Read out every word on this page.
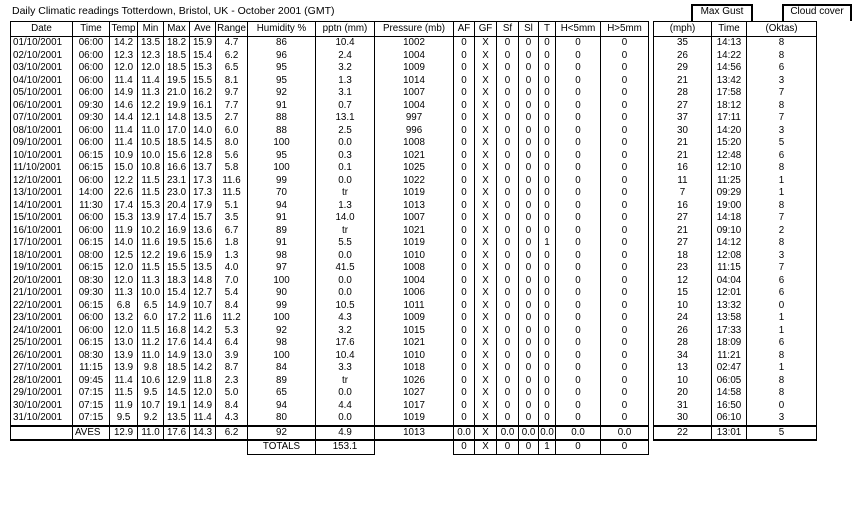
Daily Climatic readings Totterdown, Bristol, UK - October 2001 (GMT)	Max Gust	Cloud cover
Date	Time	Temp	Min	Max	Ave	Range	Humidity %	pptn (mm)	Pressure (mb)	AF	GF	Sf	Sl	T	H<5mm	H>5mm		(mph)	Time	(Oktas)
01/10/2001	06:00	14.2	13.5	18.2	15.9	4.7	86	10.4	1002	0	X	0	0	0	0	0		35	14:13	8
02/10/2001	06:00	12.3	12.3	18.5	15.4	6.2	96	2.4	1004	0	X	0	0	0	0	0		26	14:22	8
03/10/2001	06:00	12.0	12.0	18.5	15.3	6.5	95	3.2	1009	0	X	0	0	0	0	0		29	14:56	6
04/10/2001	06:00	11.4	11.4	19.5	15.5	8.1	95	1.3	1014	0	X	0	0	0	0	0		21	13:42	3
05/10/2001	06:00	14.9	11.3	21.0	16.2	9.7	92	3.1	1007	0	X	0	0	0	0	0		28	17:58	7
06/10/2001	09:30	14.6	12.2	19.9	16.1	7.7	91	0.7	1004	0	X	0	0	0	0	0		27	18:12	8
07/10/2001	09:30	14.4	12.1	14.8	13.5	2.7	88	13.1	997	0	X	0	0	0	0	0		37	17:11	7
08/10/2001	06:00	11.4	11.0	17.0	14.0	6.0	88	2.5	996	0	X	0	0	0	0	0		30	14:20	3
09/10/2001	06:00	11.4	10.5	18.5	14.5	8.0	100	0.0	1008	0	X	0	0	0	0	0		21	15:20	5
10/10/2001	06:15	10.9	10.0	15.6	12.8	5.6	95	0.3	1021	0	X	0	0	0	0	0		21	12:48	6
11/10/2001	06:15	15.0	10.8	16.6	13.7	5.8	100	0.1	1025	0	X	0	0	0	0	0		16	12:10	8
12/10/2001	06:00	12.2	11.5	23.1	17.3	11.6	99	0.0	1022	0	X	0	0	0	0	0		11	11:25	1
13/10/2001	14:00	22.6	11.5	23.0	17.3	11.5	70	tr	1019	0	X	0	0	0	0	0		7	09:29	1
14/10/2001	11:30	17.4	15.3	20.4	17.9	5.1	94	1.3	1013	0	X	0	0	0	0	0		16	19:00	8
15/10/2001	06:00	15.3	13.9	17.4	15.7	3.5	91	14.0	1007	0	X	0	0	0	0	0		27	14:18	7
16/10/2001	06:00	11.9	10.2	16.9	13.6	6.7	89	tr	1021	0	X	0	0	0	0	0		21	09:10	2
17/10/2001	06:15	14.0	11.6	19.5	15.6	1.8	91	5.5	1019	0	X	0	0	1	0	0		27	14:12	8
18/10/2001	08:00	12.5	12.2	19.6	15.9	1.3	98	0.0	1010	0	X	0	0	0	0	0		18	12:08	3
19/10/2001	06:15	12.0	11.5	15.5	13.5	4.0	97	41.5	1008	0	X	0	0	0	0	0		23	11:15	7
20/10/2001	08:30	12.0	11.3	18.3	14.8	7.0	100	0.0	1004	0	X	0	0	0	0	0		12	04:04	6
21/10/2001	09:30	11.3	10.0	15.4	12.7	5.4	90	0.0	1006	0	X	0	0	0	0	0		15	12:01	6
22/10/2001	06:15	6.8	6.5	14.9	10.7	8.4	99	10.5	1011	0	X	0	0	0	0	0		10	13:32	0
23/10/2001	06:00	13.2	6.0	17.2	11.6	11.2	100	4.3	1009	0	X	0	0	0	0	0		24	13:58	1
24/10/2001	06:00	12.0	11.5	16.8	14.2	5.3	92	3.2	1015	0	X	0	0	0	0	0		26	17:33	1
25/10/2001	06:15	13.0	11.2	17.6	14.4	6.4	98	17.6	1021	0	X	0	0	0	0	0		28	18:09	6
26/10/2001	08:30	13.9	11.0	14.9	13.0	3.9	100	10.4	1010	0	X	0	0	0	0	0		34	11:21	8
27/10/2001	11:15	13.9	9.8	18.5	14.2	8.7	84	3.3	1018	0	X	0	0	0	0	0		13	02:47	1
28/10/2001	09:45	11.4	10.6	12.9	11.8	2.3	89	tr	1026	0	X	0	0	0	0	0		10	06:05	8
29/10/2001	07:15	11.5	9.5	14.5	12.0	5.0	65	0.0	1027	0	X	0	0	0	0	0		20	14:58	8
30/10/2001	07:15	11.9	10.7	19.1	14.9	8.4	94	4.4	1017	0	X	0	0	0	0	0		31	16:50	0
31/10/2001	07:15	9.5	9.2	13.5	11.4	4.3	80	0.0	1019	0	X	0	0	0	0	0		30	06:10	3
	AVES	12.9	11.0	17.6	14.3	6.2	92	4.9	1013	0.0	X	0.0	0.0	0.0	0.0	0.0		22	13:01	5
							TOTALS	153.1		0	X	0	0	1	0	0				
